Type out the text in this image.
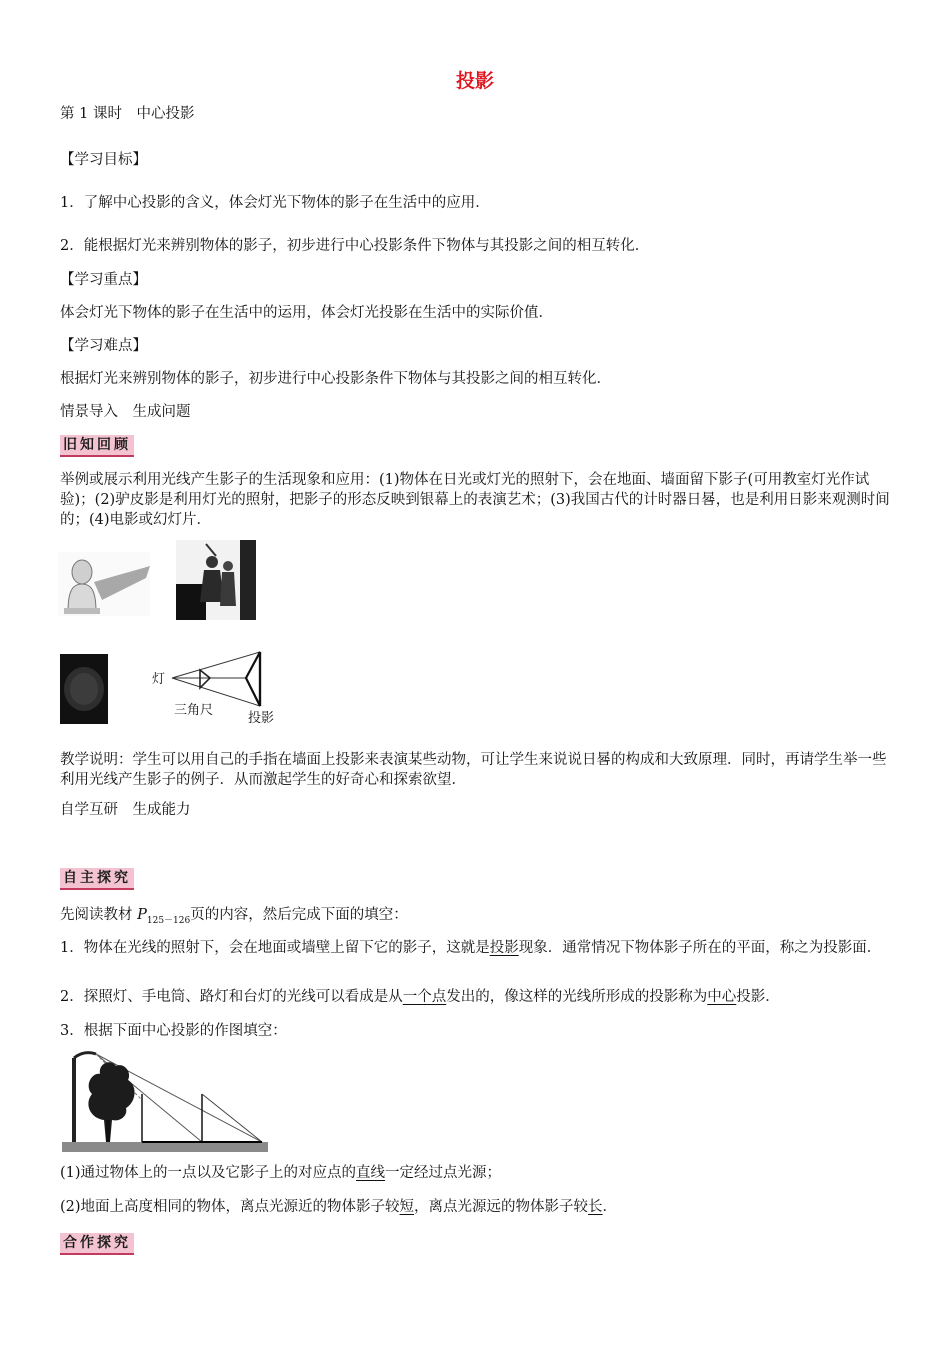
投影
第 1 课时　中心投影
【学习目标】
1．了解中心投影的含义，体会灯光下物体的影子在生活中的应用．
2．能根据灯光来辨别物体的影子，初步进行中心投影条件下物体与其投影之间的相互转化．
【学习重点】
体会灯光下物体的影子在生活中的运用，体会灯光投影在生活中的实际价值．
【学习难点】
根据灯光来辨别物体的影子，初步进行中心投影条件下物体与其投影之间的相互转化．
情景导入　生成问题
旧知回顾
举例或展示利用光线产生影子的生活现象和应用：(1)物体在日光或灯光的照射下，会在地面、墙面留下影子(可用教室灯光作试验)；(2)驴皮影是利用灯光的照射，把影子的形态反映到银幕上的表演艺术；(3)我国古代的计时器日晷，也是利用日影来观测时间的；(4)电影或幻灯片．
灯
三角尺
投影
教学说明：学生可以用自己的手指在墙面上投影来表演某些动物，可让学生来说说日晷的构成和大致原理．同时，再请学生举一些利用光线产生影子的例子．从而激起学生的好奇心和探索欲望．
自学互研　生成能力
自主探究
先阅读教材 $P_{125-126}$页的内容，然后完成下面的填空：
1．物体在光线的照射下，会在地面或墙壁上留下它的影子，这就是投影现象．通常情况下物体影子所在的平面，称之为投影面．
2．探照灯、手电筒、路灯和台灯的光线可以看成是从一个点发出的，像这样的光线所形成的投影称为中心投影．
3．根据下面中心投影的作图填空：
(1)通过物体上的一点以及它影子上的对应点的直线一定经过点光源；
(2)地面上高度相同的物体，离点光源近的物体影子较短，离点光源远的物体影子较长．
合作探究
